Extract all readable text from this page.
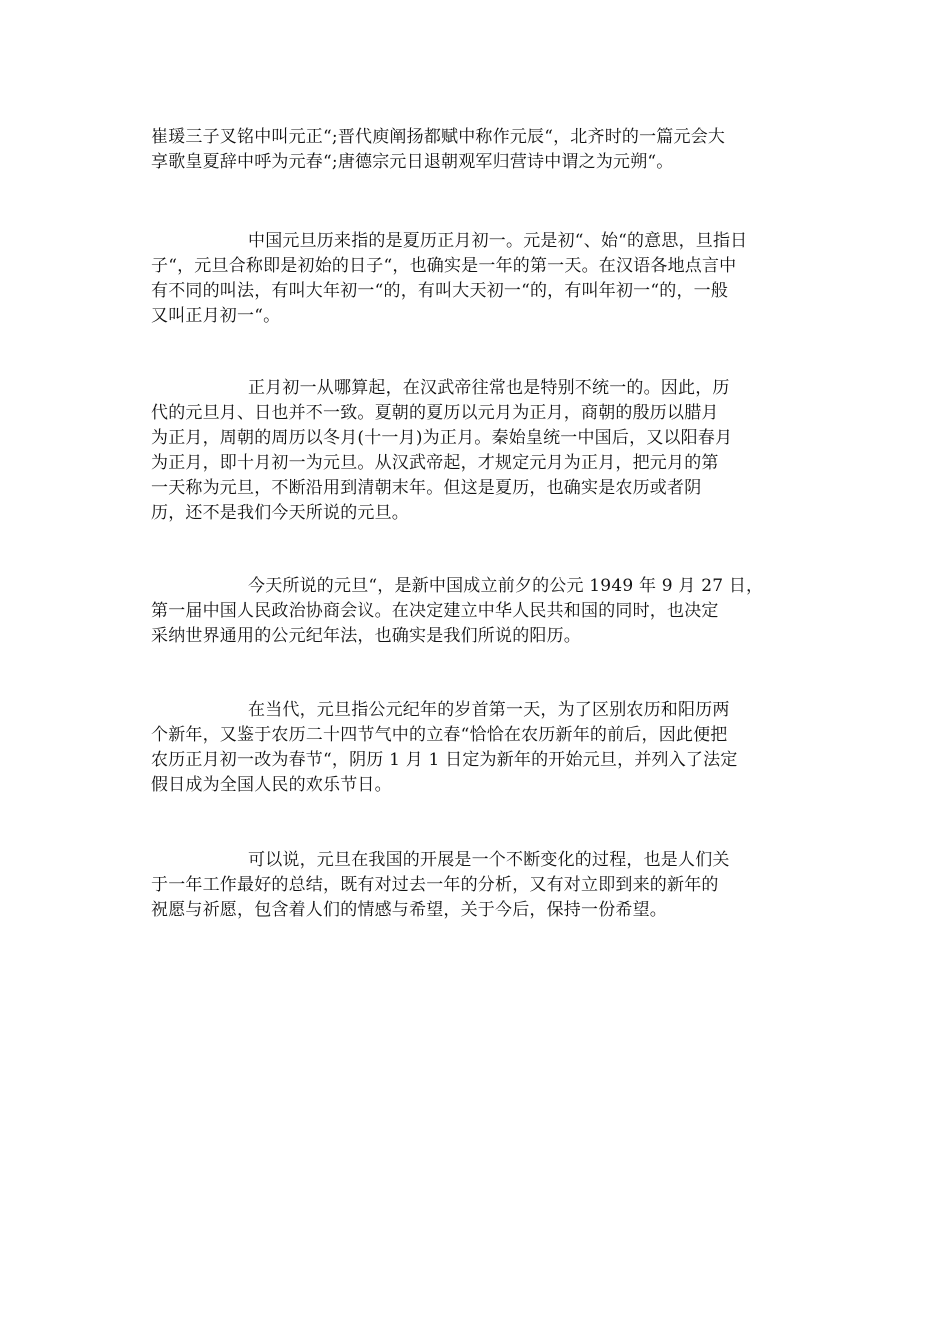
崔瑗三子叉铭中叫元正“;晋代庾阐扬都赋中称作元辰“，北齐时的一篇元会大
享歌皇夏辞中呼为元春“;唐德宗元日退朝观军归营诗中谓之为元朔“。

中国元旦历来指的是夏历正月初一。元是初“、始“的意思，旦指日
子“，元旦合称即是初始的日子“，也确实是一年的第一天。在汉语各地点言中
有不同的叫法，有叫大年初一“的，有叫大天初一“的，有叫年初一“的，一般
又叫正月初一“。

正月初一从哪算起，在汉武帝往常也是特别不统一的。因此，历
代的元旦月、日也并不一致。夏朝的夏历以元月为正月，商朝的殷历以腊月
为正月，周朝的周历以冬月(十一月)为正月。秦始皇统一中国后，又以阳春月
为正月，即十月初一为元旦。从汉武帝起，才规定元月为正月，把元月的第
一天称为元旦，不断沿用到清朝末年。但这是夏历，也确实是农历或者阴
历，还不是我们今天所说的元旦。

今天所说的元旦“，是新中国成立前夕的公元 1949 年 9 月 27 日，
第一届中国人民政治协商会议。在决定建立中华人民共和国的同时，也决定
采纳世界通用的公元纪年法，也确实是我们所说的阳历。

在当代，元旦指公元纪年的岁首第一天，为了区别农历和阳历两
个新年，又鉴于农历二十四节气中的立春“恰恰在农历新年的前后，因此便把
农历正月初一改为春节“，阴历 1 月 1 日定为新年的开始元旦，并列入了法定
假日成为全国人民的欢乐节日。

可以说，元旦在我国的开展是一个不断变化的过程，也是人们关
于一年工作最好的总结，既有对过去一年的分析，又有对立即到来的新年的
祝愿与祈愿，包含着人们的情感与希望，关于今后，保持一份希望。
